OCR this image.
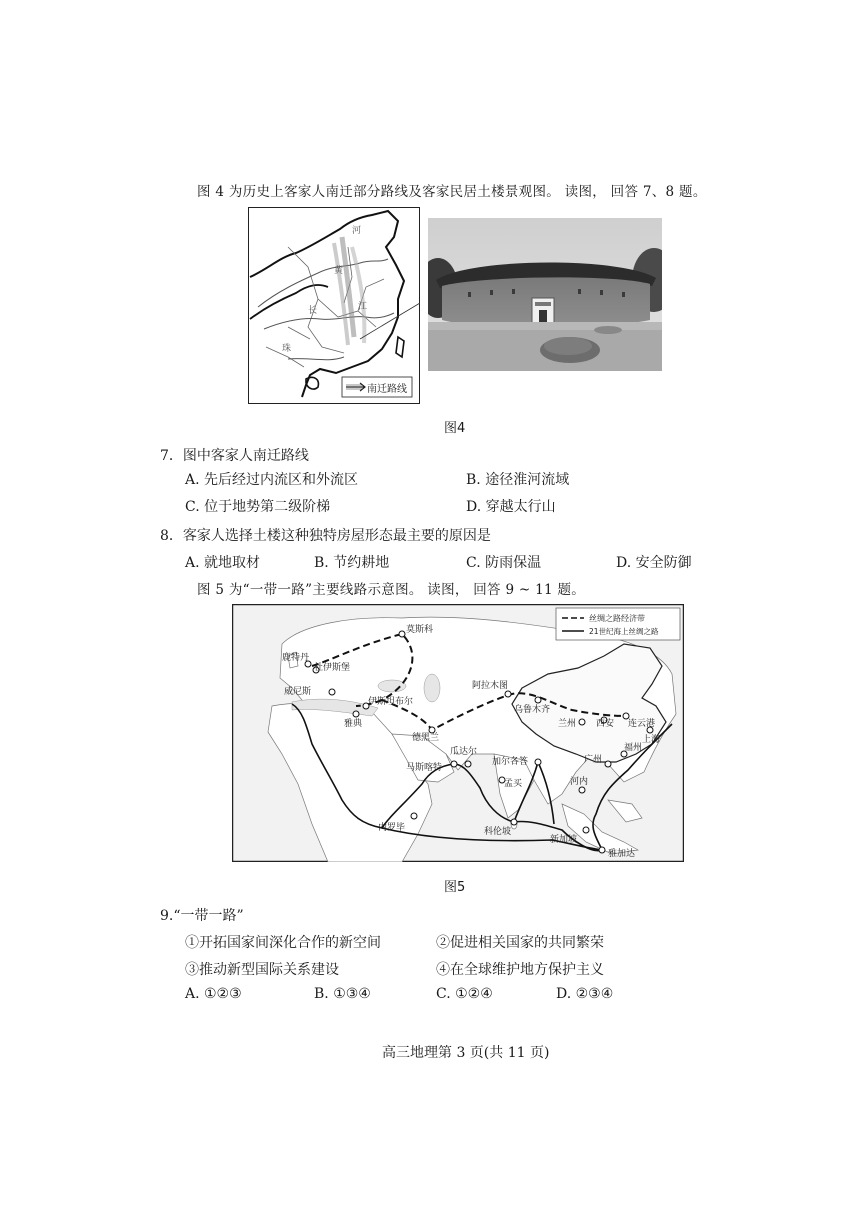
图 4 为历史上客家人南迁部分路线及客家民居土楼景观图。 读图， 回答 7、8 题。
南迁路线
河
黄
长	江
珠
图4
7．图中客家人南迁路线
A. 先后经过内流区和外流区	B. 途径淮河流域
C. 位于地势第二级阶梯	D. 穿越太行山
8．客家人选择土楼这种独特房屋形态最主要的原因是
A. 就地取材	B. 节约耕地	C. 防雨保温	D. 安全防御
图 5 为“一带一路”主要线路示意图。 读图， 回答 9 ~ 11 题。
丝绸之路经济带
21世纪海上丝绸之路
莫斯科
鹿特丹
杜伊斯堡
威尼斯
伊斯坦布尔
雅典
德黑兰
阿拉木图
乌鲁木齐
兰州 西安 连云港
上海
福州
广州
瓜达尔
马斯喀特
加尔各答
孟买	河内
科伦坡
内罗毕
新加坡
雅加达
图5
9.“一带一路”
①开拓国家间深化合作的新空间	②促进相关国家的共同繁荣
③推动新型国际关系建设	④在全球维护地方保护主义
A. ①②③	B. ①③④	C. ①②④	D. ②③④
高三地理第 3 页(共 11 页)
